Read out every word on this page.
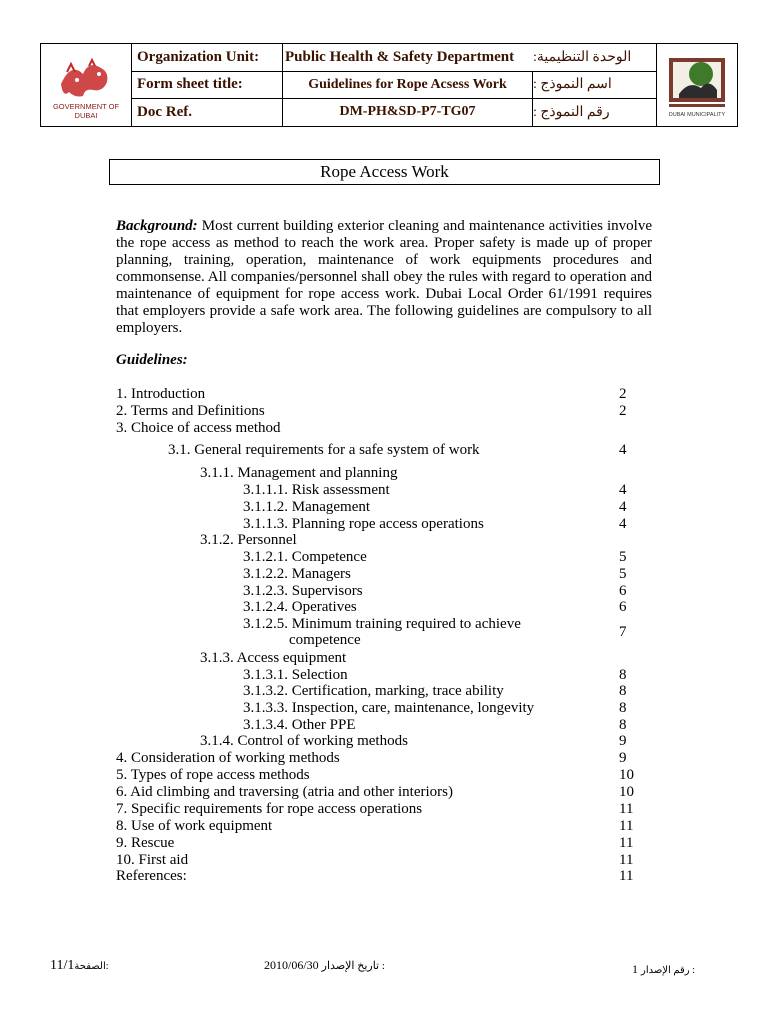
GOVERNMENT OF DUBAI
Organization Unit:	Public Health & Safety Department	الوحدة التنظيمية:
Form sheet title:	Guidelines for Rope Acsess Work	اسم النموذج :
Doc Ref.	DM-PH&SD-P7-TG07	رقم النموذج :	DUBAI MUNICIPALITY
Rope Access Work
Background: Most current building exterior cleaning and maintenance activities involve the rope access as method to reach the work area. Proper safety is made up of proper planning, training, operation, maintenance of work equipments procedures and commonsense. All companies/personnel shall obey the rules with regard to operation and maintenance of equipment for rope access work. Dubai Local Order 61/1991 requires that employers provide a safe work area. The following guidelines are compulsory to all employers.
Guidelines:
1. Introduction	2
2. Terms and Definitions	2
3. Choice of access method
3.1. General requirements for a safe system of work	4
3.1.1. Management and planning
3.1.1.1. Risk assessment	4
3.1.1.2. Management	4
3.1.1.3. Planning rope access operations	4
3.1.2. Personnel
3.1.2.1. Competence	5
3.1.2.2. Managers	5
3.1.2.3. Supervisors	6
3.1.2.4. Operatives	6
3.1.2.5. Minimum training required to achieve
competence	7
3.1.3. Access equipment
3.1.3.1. Selection	8
3.1.3.2. Certification, marking, trace ability	8
3.1.3.3. Inspection, care, maintenance, longevity	8
3.1.3.4. Other PPE	8
3.1.4. Control of working methods	9
4. Consideration of working methods	9
5. Types of rope access methods	10
6. Aid climbing and traversing (atria and other interiors)	10
7. Specific requirements for rope access operations	11
8. Use of work equipment	11
9. Rescue	11
10. First aid	11
References:	11
11/1الصفحة:	2010/06/30 تاريخ الإصدار :	1 رقم الإصدار :
